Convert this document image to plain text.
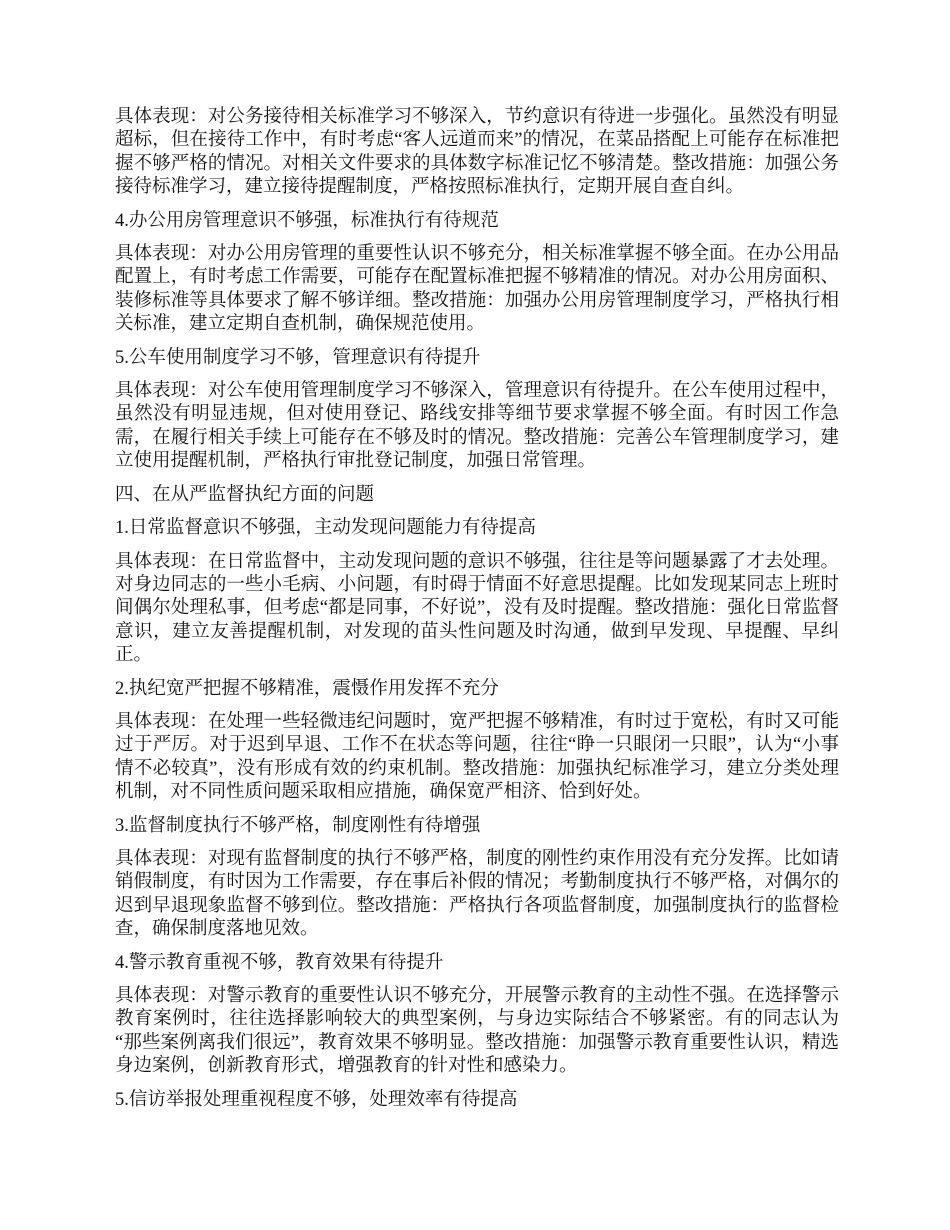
具体表现：对公务接待相关标准学习不够深入，节约意识有待进一步强化。虽然没有明显超标，但在接待工作中，有时考虑“客人远道而来”的情况，在菜品搭配上可能存在标准把握不够严格的情况。对相关文件要求的具体数字标准记忆不够清楚。整改措施：加强公务接待标准学习，建立接待提醒制度，严格按照标准执行，定期开展自查自纠。

4.办公用房管理意识不够强，标准执行有待规范

具体表现：对办公用房管理的重要性认识不够充分，相关标准掌握不够全面。在办公用品配置上，有时考虑工作需要，可能存在配置标准把握不够精准的情况。对办公用房面积、装修标准等具体要求了解不够详细。整改措施：加强办公用房管理制度学习，严格执行相关标准，建立定期自查机制，确保规范使用。

5.公车使用制度学习不够，管理意识有待提升

具体表现：对公车使用管理制度学习不够深入，管理意识有待提升。在公车使用过程中，虽然没有明显违规，但对使用登记、路线安排等细节要求掌握不够全面。有时因工作急需，在履行相关手续上可能存在不够及时的情况。整改措施：完善公车管理制度学习，建立使用提醒机制，严格执行审批登记制度，加强日常管理。

四、在从严监督执纪方面的问题

1.日常监督意识不够强，主动发现问题能力有待提高

具体表现：在日常监督中，主动发现问题的意识不够强，往往是等问题暴露了才去处理。对身边同志的一些小毛病、小问题，有时碍于情面不好意思提醒。比如发现某同志上班时间偶尔处理私事，但考虑“都是同事，不好说”，没有及时提醒。整改措施：强化日常监督意识，建立友善提醒机制，对发现的苗头性问题及时沟通，做到早发现、早提醒、早纠正。

2.执纪宽严把握不够精准，震慑作用发挥不充分

具体表现：在处理一些轻微违纪问题时，宽严把握不够精准，有时过于宽松，有时又可能过于严厉。对于迟到早退、工作不在状态等问题，往往“睁一只眼闭一只眼”，认为“小事情不必较真”，没有形成有效的约束机制。整改措施：加强执纪标准学习，建立分类处理机制，对不同性质问题采取相应措施，确保宽严相济、恰到好处。

3.监督制度执行不够严格，制度刚性有待增强

具体表现：对现有监督制度的执行不够严格，制度的刚性约束作用没有充分发挥。比如请销假制度，有时因为工作需要，存在事后补假的情况；考勤制度执行不够严格，对偶尔的迟到早退现象监督不够到位。整改措施：严格执行各项监督制度，加强制度执行的监督检查，确保制度落地见效。

4.警示教育重视不够，教育效果有待提升

具体表现：对警示教育的重要性认识不够充分，开展警示教育的主动性不强。在选择警示教育案例时，往往选择影响较大的典型案例，与身边实际结合不够紧密。有的同志认为“那些案例离我们很远”，教育效果不够明显。整改措施：加强警示教育重要性认识，精选身边案例，创新教育形式，增强教育的针对性和感染力。

5.信访举报处理重视程度不够，处理效率有待提高
